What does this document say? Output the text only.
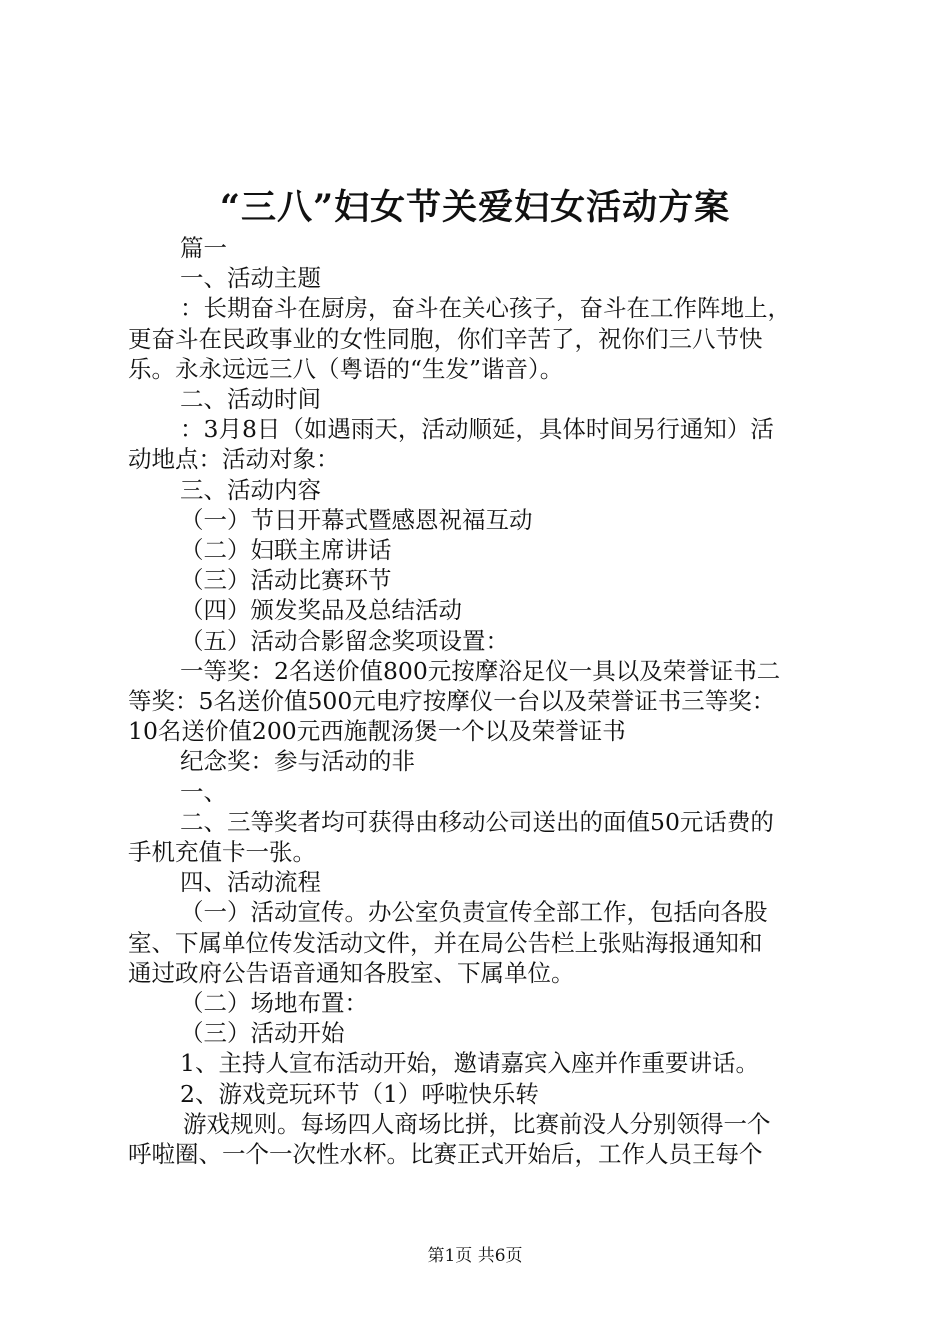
“三八”妇女节关爱妇女活动方案

篇一

一、活动主题

：长期奋斗在厨房，奋斗在关心孩子，奋斗在工作阵地上，

更奋斗在民政事业的女性同胞，你们辛苦了，祝你们三八节快

乐。永永远远三八（粤语的“生发”谐音）。

二、活动时间

：3月8日（如遇雨天，活动顺延，具体时间另行通知）活

动地点：活动对象：

三、活动内容

（一）节日开幕式暨感恩祝福互动

（二）妇联主席讲话

（三）活动比赛环节

（四）颁发奖品及总结活动

（五）活动合影留念奖项设置：

一等奖：2名送价值800元按摩浴足仪一具以及荣誉证书二

等奖：5名送价值500元电疗按摩仪一台以及荣誉证书三等奖：

10名送价值200元西施靓汤煲一个以及荣誉证书

纪念奖：参与活动的非

一、

二、三等奖者均可获得由移动公司送出的面值50元话费的

手机充值卡一张。

四、活动流程

（一）活动宣传。办公室负责宣传全部工作，包括向各股

室、下属单位传发活动文件，并在局公告栏上张贴海报通知和

通过政府公告语音通知各股室、下属单位。

（二）场地布置：

（三）活动开始

1、主持人宣布活动开始，邀请嘉宾入座并作重要讲话。

2、游戏竞玩环节（1）呼啦快乐转

游戏规则。每场四人商场比拼，比赛前没人分别领得一个

呼啦圈、一个一次性水杯。比赛正式开始后，工作人员王每个

第1页 共6页
